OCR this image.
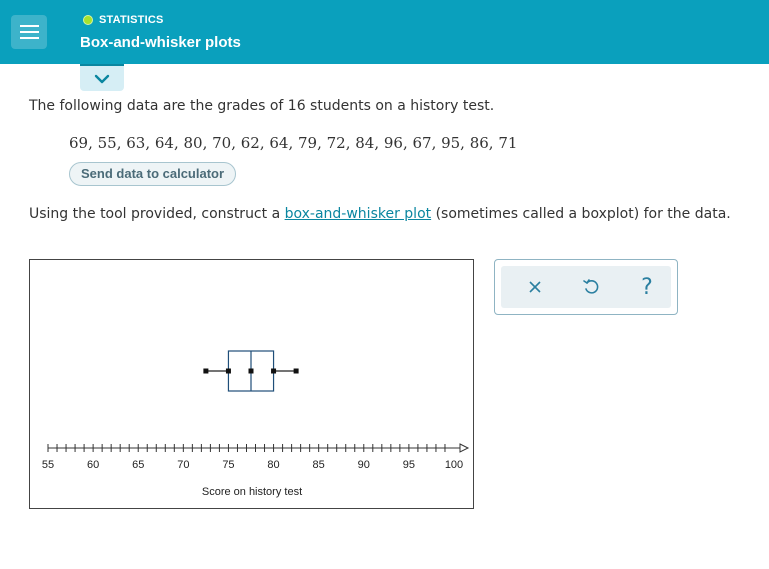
STATISTICS
Box-and-whisker plots
The following data are the grades of 16 students on a history test.
69, 55, 63, 64, 80, 70, 62, 64, 79, 72, 84, 96, 67, 95, 86, 71
Send data to calculator
Using the tool provided, construct a box-and-whisker plot (sometimes called a boxplot) for the data.
55	60	65	70	75	80	85	90	95	100
Score on history test
?
